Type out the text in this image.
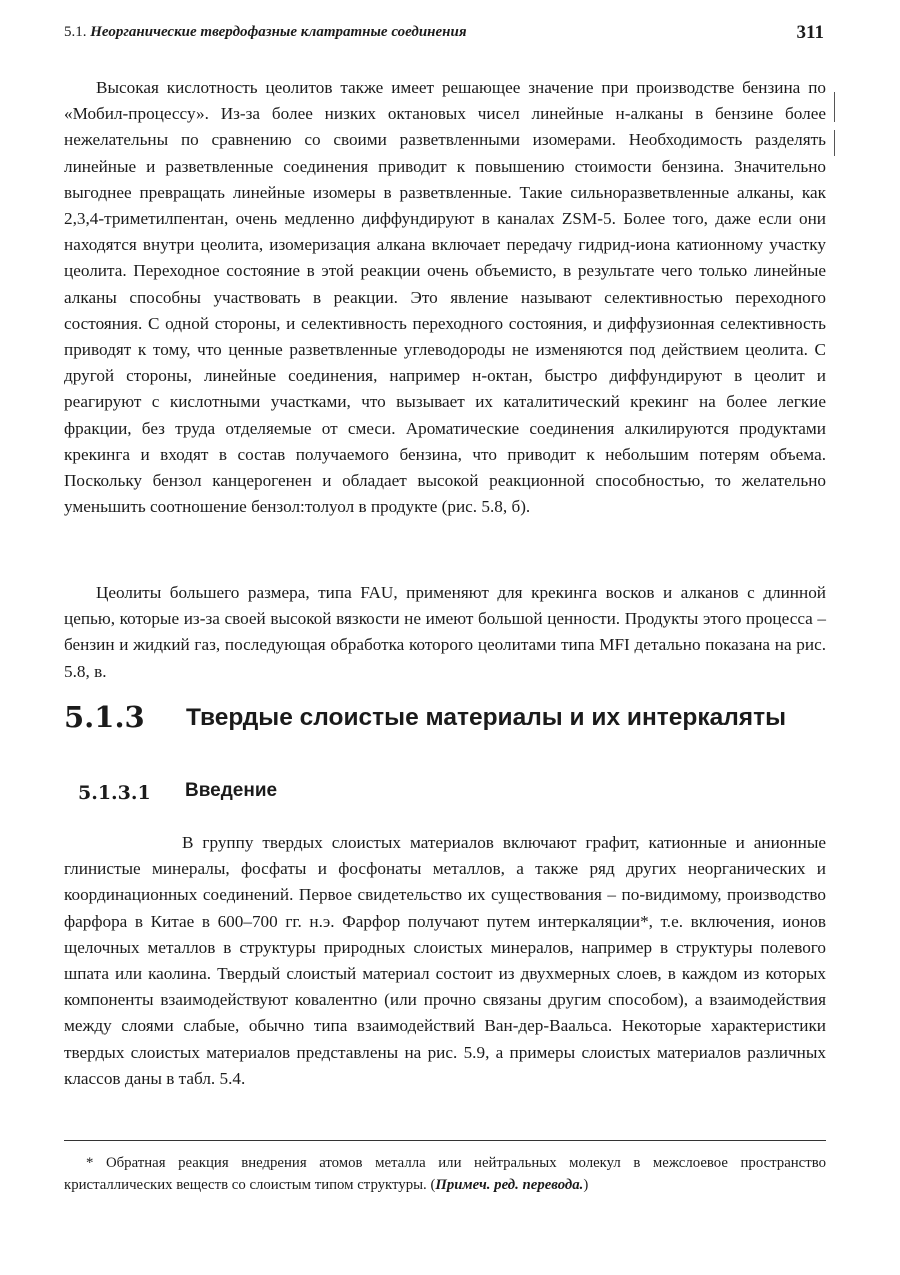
5.1. Неорганические твердофазные клатратные соединения	311

Высокая кислотность цеолитов также имеет решающее значение при производстве бензина по «Мобил-процессу». Из-за более низких октановых чисел линейные н-алканы в бензине более нежелательны по сравнению со своими разветвленными изомерами. Необходимость разделять линейные и разветвленные соединения приводит к повышению стоимости бензина. Значительно выгоднее превращать линейные изомеры в разветвленные. Такие сильноразветвленные алканы, как 2,3,4-триметилпентан, очень медленно диффундируют в каналах ZSM-5. Более того, даже если они находятся внутри цеолита, изомеризация алкана включает передачу гидрид-иона катионному участку цеолита. Переходное состояние в этой реакции очень объемисто, в результате чего только линейные алканы способны участвовать в реакции. Это явление называют селективностью переходного состояния. С одной стороны, и селективность переходного состояния, и диффузионная селективность приводят к тому, что ценные разветвленные углеводороды не изменяются под действием цеолита. С другой стороны, линейные соединения, например н-октан, быстро диффундируют в цеолит и реагируют с кислотными участками, что вызывает их каталитический крекинг на более легкие фракции, без труда отделяемые от смеси. Ароматические соединения алкилируются продуктами крекинга и входят в состав получаемого бензина, что приводит к небольшим потерям объема. Поскольку бензол канцерогенен и обладает высокой реакционной способностью, то желательно уменьшить соотношение бензол:толуол в продукте (рис. 5.8, б).

Цеолиты большего размера, типа FAU, применяют для крекинга восков и алканов с длинной цепью, которые из-за своей высокой вязкости не имеют большой ценности. Продукты этого процесса – бензин и жидкий газ, последующая обработка которого цеолитами типа MFI детально показана на рис. 5.8, в.

5.1.3 Твердые слоистые материалы и их интеркаляты
5.1.3.1 Введение

В группу твердых слоистых материалов включают графит, катионные и анионные глинистые минералы, фосфаты и фосфонаты металлов, а также ряд других неорганических и координационных соединений. Первое свидетельство их существования – по-видимому, производство фарфора в Китае в 600–700 гг. н.э. Фарфор получают путем интеркаляции*, т.е. включения, ионов щелочных металлов в структуры природных слоистых минералов, например в структуры полевого шпата или каолина. Твердый слоистый материал состоит из двухмерных слоев, в каждом из которых компоненты взаимодействуют ковалентно (или прочно связаны другим способом), а взаимодействия между слоями слабые, обычно типа взаимодействий Ван-дер-Ваальса. Некоторые характеристики твердых слоистых материалов представлены на рис. 5.9, а примеры слоистых материалов различных классов даны в табл. 5.4.

* Обратная реакция внедрения атомов металла или нейтральных молекул в межслоевое пространство кристаллических веществ со слоистым типом структуры. (Примеч. ред. перевода.)
